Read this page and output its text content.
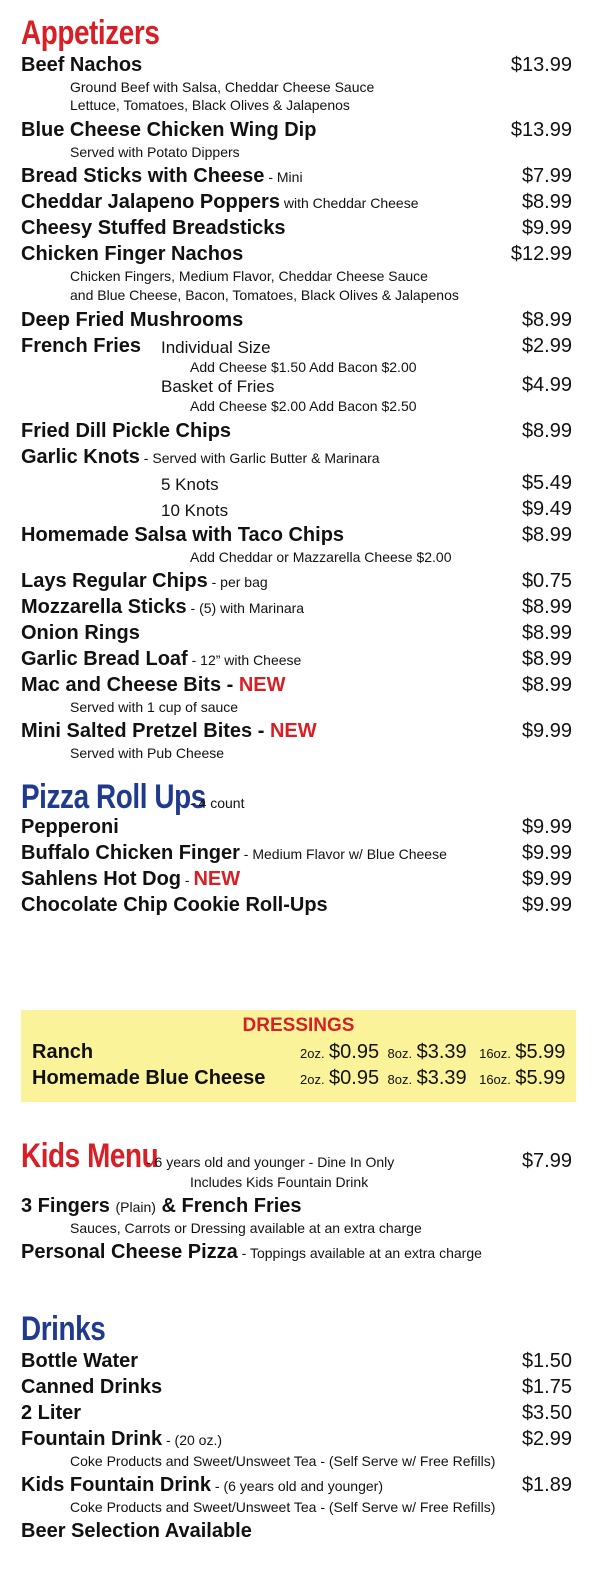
Appetizers
Beef Nachos	$13.99
Ground Beef with Salsa, Cheddar Cheese Sauce
Lettuce, Tomatoes, Black Olives & Jalapenos
Blue Cheese Chicken Wing Dip	$13.99
Served with Potato Dippers
Bread Sticks with Cheese - Mini	$7.99
Cheddar Jalapeno Poppers with Cheddar Cheese	$8.99
Cheesy Stuffed Breadsticks	$9.99
Chicken Finger Nachos	$12.99
Chicken Fingers, Medium Flavor, Cheddar Cheese Sauce
and Blue Cheese, Bacon, Tomatoes, Black Olives & Jalapenos
Deep Fried Mushrooms	$8.99
French Fries Individual Size	$2.99
Add Cheese $1.50 Add Bacon $2.00
Basket of Fries	$4.99
Add Cheese $2.00 Add Bacon $2.50
Fried Dill Pickle Chips	$8.99
Garlic Knots - Served with Garlic Butter & Marinara
5 Knots	$5.49
10 Knots	$9.49
Homemade Salsa with Taco Chips	$8.99
Add Cheddar or Mazzarella Cheese $2.00
Lays Regular Chips - per bag	$0.75
Mozzarella Sticks - (5) with Marinara	$8.99
Onion Rings	$8.99
Garlic Bread Loaf - 12” with Cheese	$8.99
Mac and Cheese Bits - NEW	$8.99
Served with 1 cup of sauce
Mini Salted Pretzel Bites - NEW	$9.99
Served with Pub Cheese
Pizza Roll Ups
- 4 count
Pepperoni	$9.99
Buffalo Chicken Finger - Medium Flavor w/ Blue Cheese	$9.99
Sahlens Hot Dog - NEW	$9.99
Chocolate Chip Cookie Roll-Ups	$9.99
DRESSINGS
Ranch	2oz. $0.95 8oz. $3.39 16oz. $5.99
Homemade Blue Cheese	2oz. $0.95 8oz. $3.39 16oz. $5.99
Kids Menu
- 6 years old and younger - Dine In Only	$7.99
Includes Kids Fountain Drink
3 Fingers (Plain) & French Fries
Sauces, Carrots or Dressing available at an extra charge
Personal Cheese Pizza - Toppings available at an extra charge
Drinks
Bottle Water	$1.50
Canned Drinks	$1.75
2 Liter	$3.50
Fountain Drink - (20 oz.)	$2.99
Coke Products and Sweet/Unsweet Tea - (Self Serve w/ Free Refills)
Kids Fountain Drink - (6 years old and younger)	$1.89
Coke Products and Sweet/Unsweet Tea - (Self Serve w/ Free Refills)
Beer Selection Available
